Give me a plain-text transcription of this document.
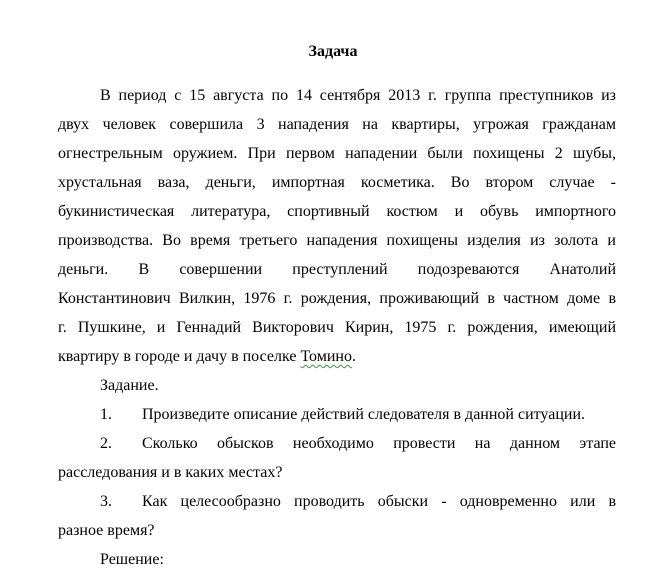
Задача
В период с 15 августа по 14 сентября 2013 г. группа преступников из
двух человек совершила 3 нападения на квартиры, угрожая гражданам
огнестрельным оружием. При первом нападении были похищены 2 шубы,
хрустальная ваза, деньги, импортная косметика. Во втором случае -
букинистическая литература, спортивный костюм и обувь импортного
производства. Во время третьего нападения похищены изделия из золота и
деньги. В совершении преступлений подозреваются Анатолий
Константинович Вилкин, 1976 г. рождения, проживающий в частном доме в
г. Пушкине, и Геннадий Викторович Кирин, 1975 г. рождения, имеющий
квартиру в городе и дачу в поселке Томино.
Задание.
1. Произведите описание действий следователя в данной ситуации.
2. Сколько обысков необходимо провести на данном этапе
расследования и в каких местах?
3. Как целесообразно проводить обыски - одновременно или в
разное время?
Решение:
